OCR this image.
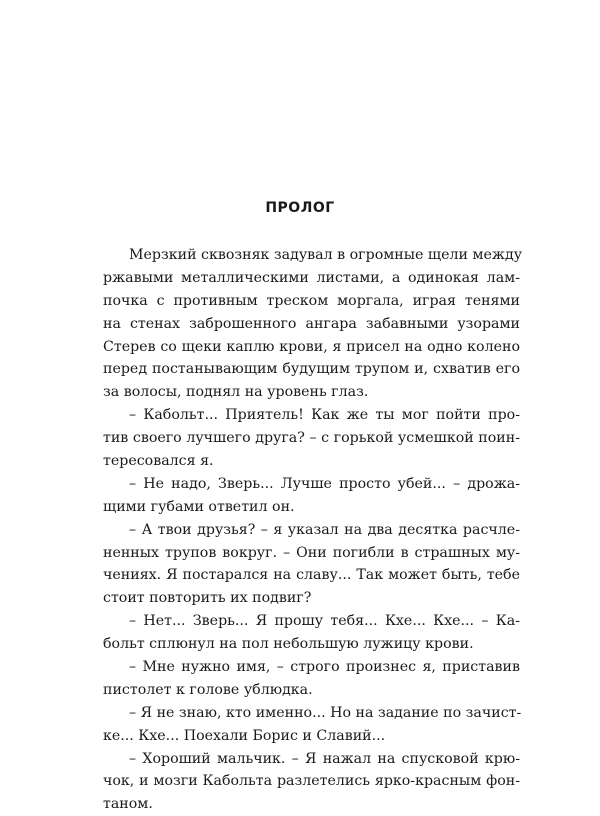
ПРОЛОГ
Мерзкий сквозняк задувал в огромные щели между
ржавыми металлическими листами, а одинокая лам-
почка с противным треском моргала, играя тенями
на стенах заброшенного ангара забавными узорами
Стерев со щеки каплю крови, я присел на одно колено
перед постанывающим будущим трупом и, схватив его
за волосы, поднял на уровень глаз.
– Кабольт... Приятель! Как же ты мог пойти про-
тив своего лучшего друга? – с горькой усмешкой поин-
тересовался я.
– Не надо, Зверь... Лучше просто убей... – дрожа-
щими губами ответил он.
– А твои друзья? – я указал на два десятка расчле-
ненных трупов вокруг. – Они погибли в страшных му-
чениях. Я постарался на славу... Так может быть, тебе
стоит повторить их подвиг?
– Нет... Зверь... Я прошу тебя... Кхе... Кхе... – Ка-
больт сплюнул на пол небольшую лужицу крови.
– Мне нужно имя, – строго произнес я, приставив
пистолет к голове ублюдка.
– Я не знаю, кто именно... Но на задание по зачист-
ке... Кхе... Поехали Борис и Славий...
– Хороший мальчик. – Я нажал на спусковой крю-
чок, и мозги Кабольта разлетелись ярко-красным фон-
таном.
